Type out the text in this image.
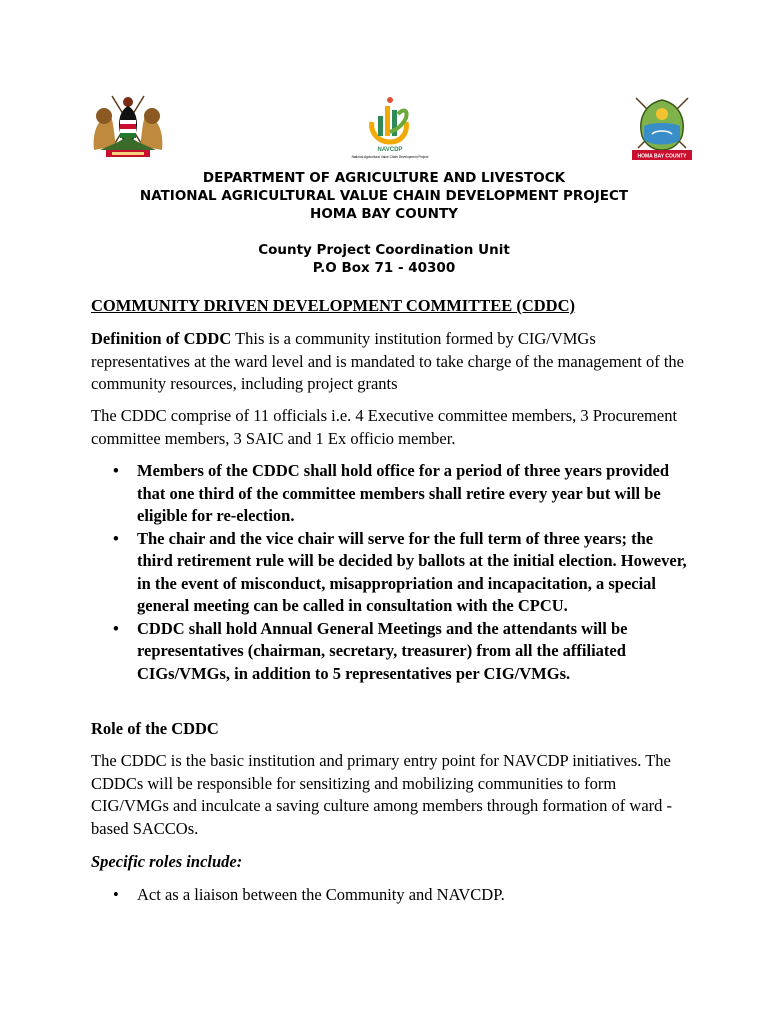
NAVCDP
National Agricultural Value Chain Development Project	HOMA BAY COUNTY
DEPARTMENT OF AGRICULTURE AND LIVESTOCK
NATIONAL AGRICULTURAL VALUE CHAIN DEVELOPMENT PROJECT
HOMA BAY COUNTY
County Project Coordination Unit
P.O Box 71 - 40300
COMMUNITY DRIVEN DEVELOPMENT COMMITTEE (CDDC)

Definition of CDDC This is a community institution formed by CIG/VMGs representatives at the ward level and is mandated to take charge of the management of the community resources, including project grants

The CDDC comprise of 11 officials i.e. 4 Executive committee members, 3 Procurement committee members, 3 SAIC and 1 Ex officio member.

• Members of the CDDC shall hold office for a period of three years provided that one third of the committee members shall retire every year but will be eligible for re-election.
• The chair and the vice chair will serve for the full term of three years; the third retirement rule will be decided by ballots at the initial election. However, in the event of misconduct, misappropriation and incapacitation, a special general meeting can be called in consultation with the CPCU.
• CDDC shall hold Annual General Meetings and the attendants will be representatives (chairman, secretary, treasurer) from all the affiliated CIGs/VMGs, in addition to 5 representatives per CIG/VMGs.
Role of the CDDC

The CDDC is the basic institution and primary entry point for NAVCDP initiatives. The CDDCs will be responsible for sensitizing and mobilizing communities to form CIG/VMGs and inculcate a saving culture among members through formation of ward -based SACCOs.

Specific roles include:
• Act as a liaison between the Community and NAVCDP.
